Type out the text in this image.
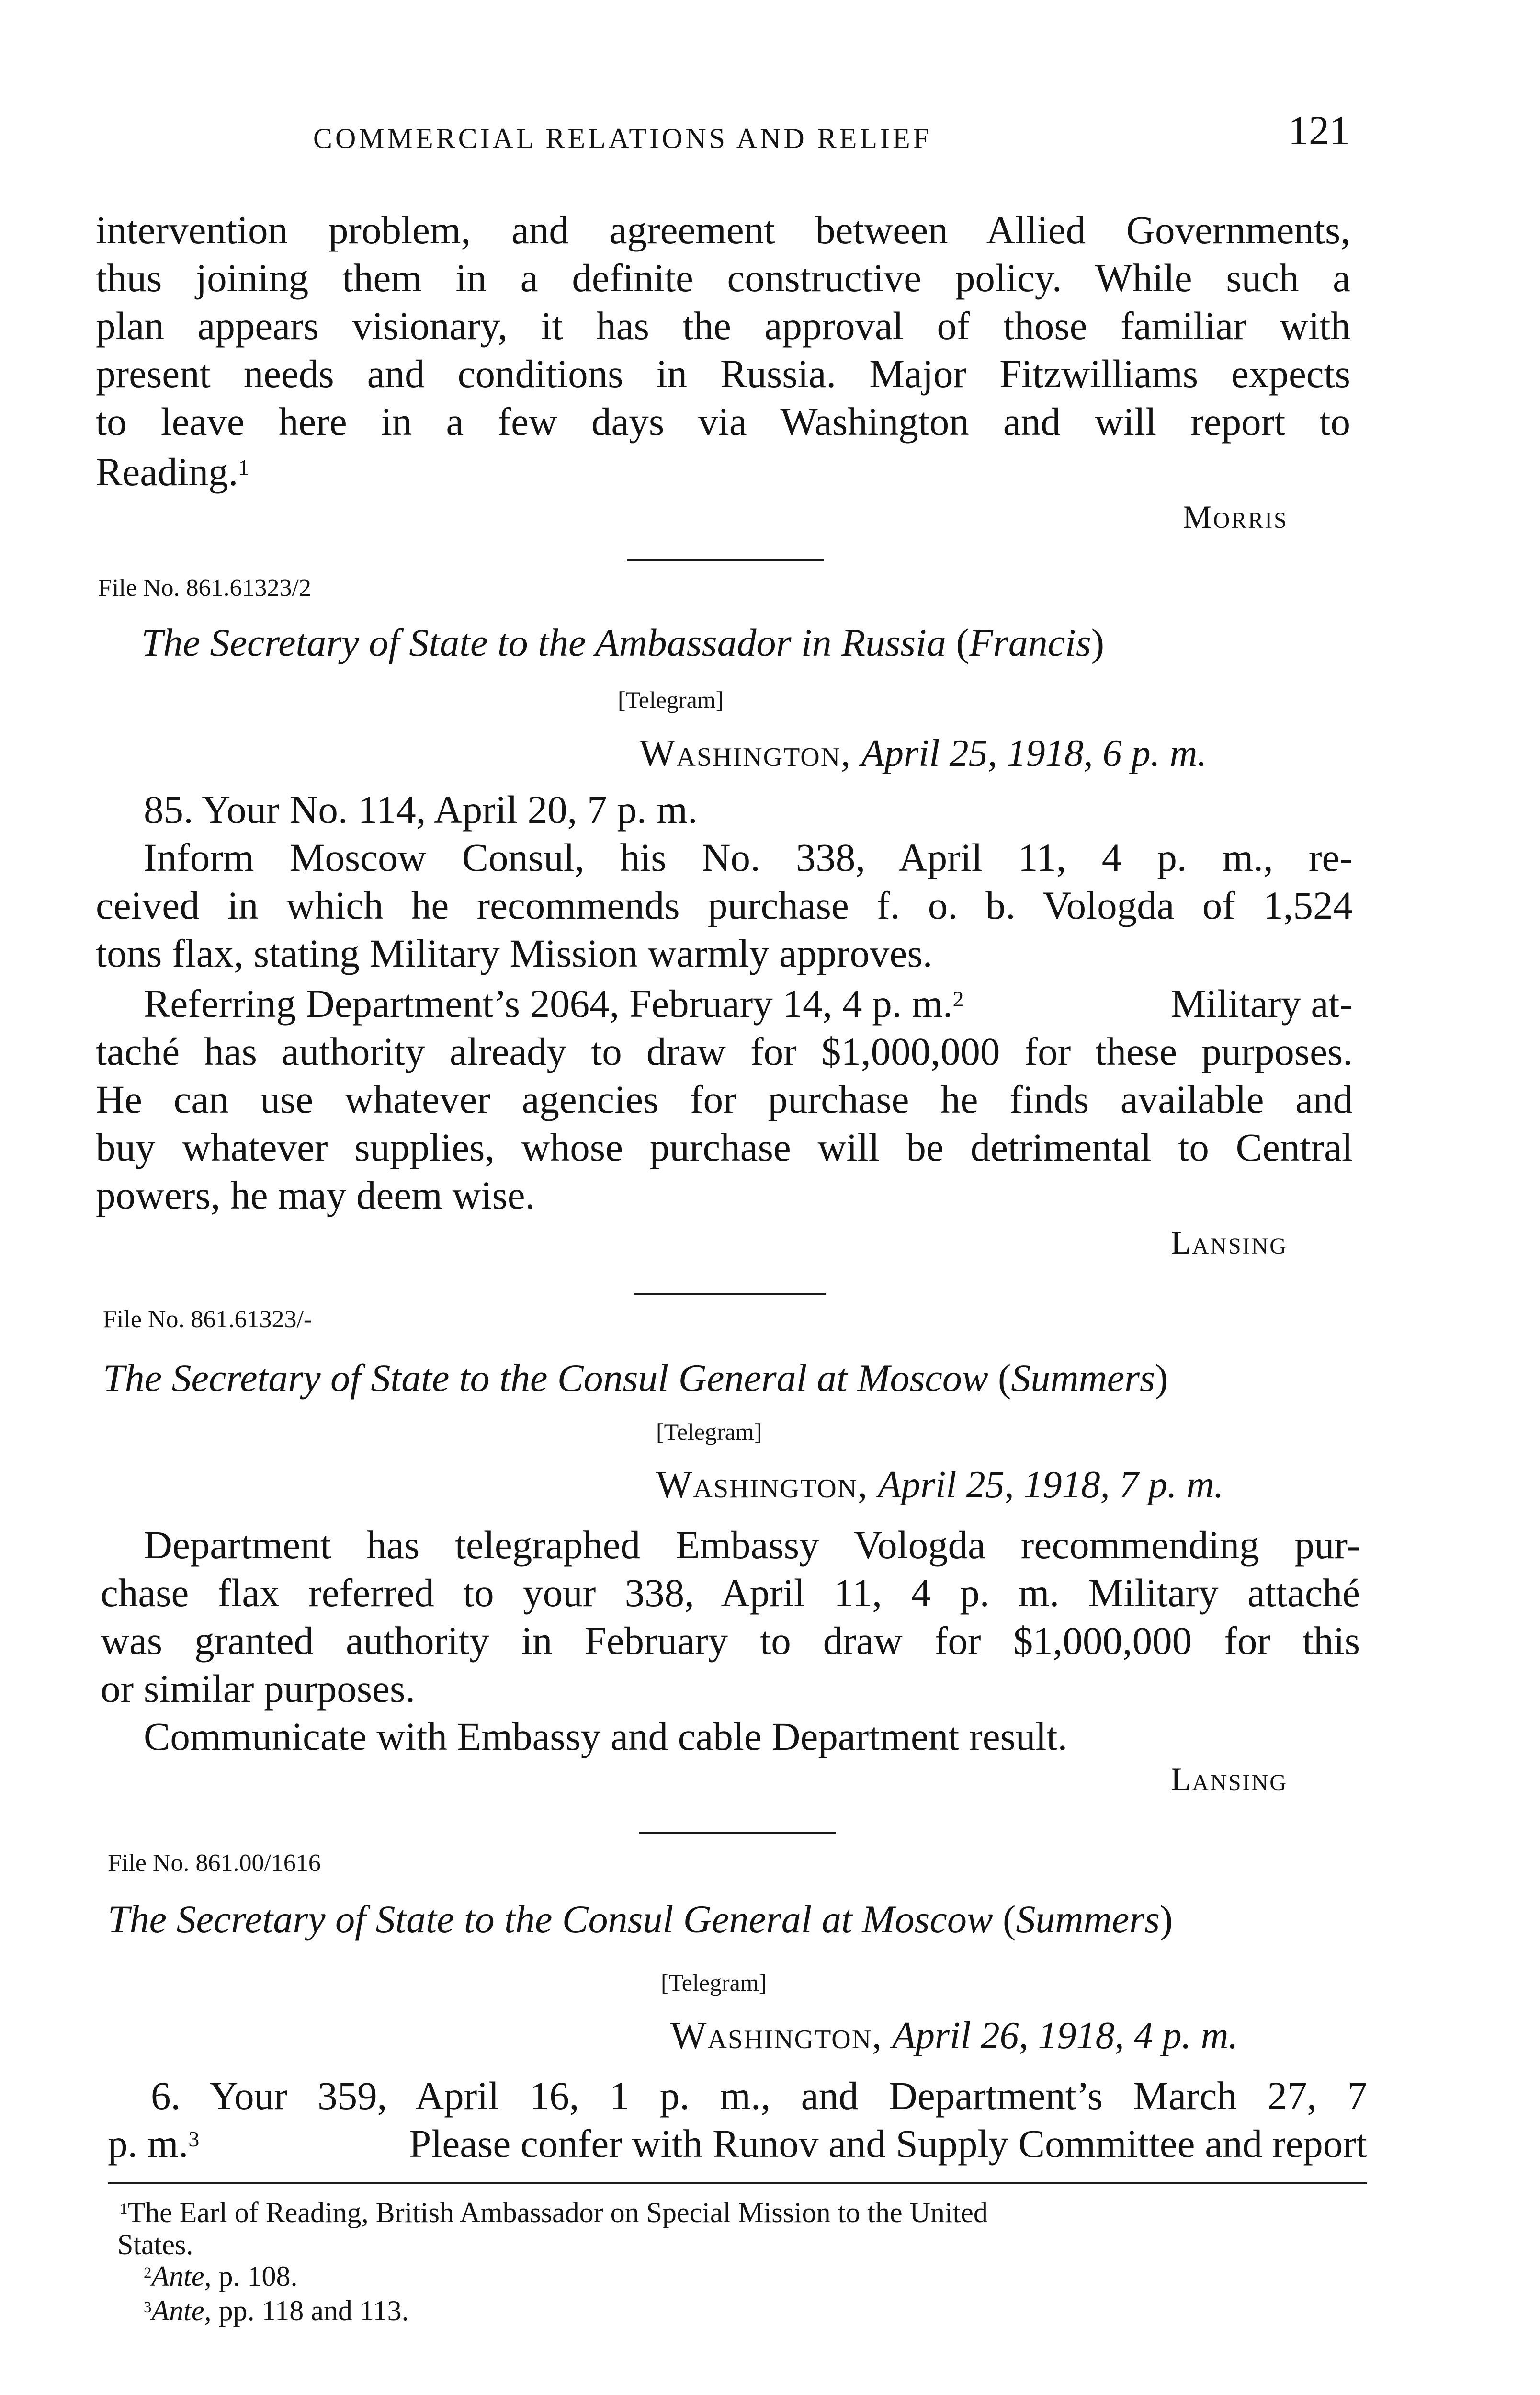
COMMERCIAL RELATIONS AND RELIEF	121
intervention problem, and agreement between Allied Governments,
thus joining them in a definite constructive policy. While such a
plan appears visionary, it has the approval of those familiar with
present needs and conditions in Russia. Major Fitzwilliams expects
to leave here in a few days via Washington and will report to
Reading.$^1$
Morris
File No. 861.61323/2
The Secretary of State to the Ambassador in Russia (Francis)
[Telegram]
Washington, April 25, 1918, 6 p. m.
85. Your No. 114, April 20, 7 p. m.
Inform Moscow Consul, his No. 338, April 11, 4 p. m., re-
ceived in which he recommends purchase f. o. b. Vologda of 1,524
tons flax, stating Military Mission warmly approves.
Referring Department’s 2064, February 14, 4 p. m.$^2$	Military at-
taché has authority already to draw for $1,000,000 for these purposes.
He can use whatever agencies for purchase he finds available and
buy whatever supplies, whose purchase will be detrimental to Central
powers, he may deem wise.
Lansing
File No. 861.61323/-
The Secretary of State to the Consul General at Moscow (Summers)
[Telegram]
Washington, April 25, 1918, 7 p. m.
Department has telegraphed Embassy Vologda recommending pur-
chase flax referred to your 338, April 11, 4 p. m. Military attaché
was granted authority in February to draw for $1,000,000 for this
or similar purposes.
Communicate with Embassy and cable Department result.
Lansing
File No. 861.00/1616
The Secretary of State to the Consul General at Moscow (Summers)
[Telegram]
Washington, April 26, 1918, 4 p. m.
6. Your 359, April 16, 1 p. m., and Department’s March 27, 7
p. m.$^3$	Please confer with Runov and Supply Committee and report
$^1$The Earl of Reading, British Ambassador on Special Mission to the United
States.
$^2$Ante, p. 108.
$^3$Ante, pp. 118 and 113.
